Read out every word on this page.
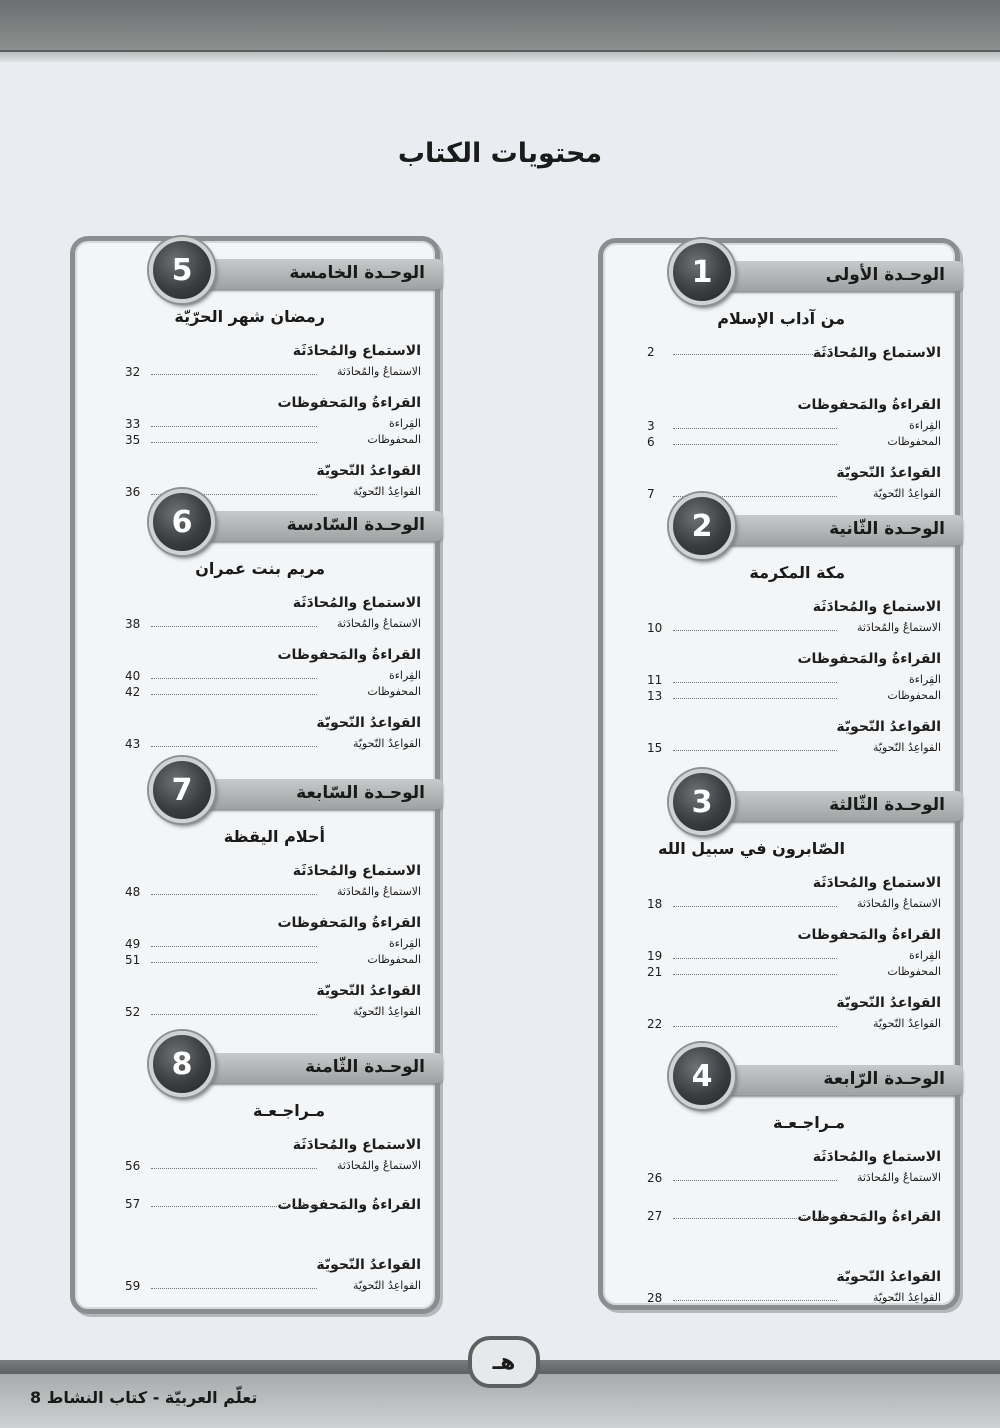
محتويات الكتاب
الوحـدة الأولى
1
من آداب الإسلام
الاستماع والمُحادَثَة
2
القراءةُ والمَحفوظات
القِراءة
3
المحفوظات
6
القواعدُ النّحويّة
القواعِدُ النّحويّة
7
الوحـدة الثّانية
2
مكة المكرمة
الاستماع والمُحادَثَة
الاستماعُ والمُحادَثة
10
القراءةُ والمَحفوظات
القِراءة
11
المحفوظات
13
القواعدُ النّحويّة
القواعِدُ النّحويّة
15
الوحـدة الثّالثة
3
الصّابرون في سبيل الله
الاستماع والمُحادَثَة
الاستماعُ والمُحادَثة
18
القراءةُ والمَحفوظات
القِراءة
19
المحفوظات
21
القواعدُ النّحويّة
القواعِدُ النّحويّة
22
الوحـدة الرّابعة
4
مـراجـعـة
الاستماع والمُحادَثَة
الاستماعُ والمُحادَثة
26
القراءةُ والمَحفوظات
27
القواعدُ النّحويّة
القواعِدُ النّحويّة
28
الوحـدة الخامسة
5
رمضان شهر الحرّيّة
الاستماع والمُحادَثَة
الاستماعُ والمُحادَثة
32
القراءةُ والمَحفوظات
القِراءة
33
المحفوظات
35
القواعدُ النّحويّة
القواعِدُ النّحويّة
36
الوحـدة السّادسة
6
مريم بنت عمران
الاستماع والمُحادَثَة
الاستماعُ والمُحادَثة
38
القراءةُ والمَحفوظات
القِراءة
40
المحفوظات
42
القواعدُ النّحويّة
القواعِدُ النّحويّة
43
الوحـدة السّابعة
7
أحلام اليقظة
الاستماع والمُحادَثَة
الاستماعُ والمُحادَثة
48
القراءةُ والمَحفوظات
القِراءة
49
المحفوظات
51
القواعدُ النّحويّة
القواعِدُ النّحويّة
52
الوحـدة الثّامنة
8
مـراجـعـة
الاستماع والمُحادَثَة
الاستماعُ والمُحادَثة
56
القراءةُ والمَحفوظات
57
القواعدُ النّحويّة
القواعِدُ النّحويّة
59
هـ
تعلّم العربيّة - كتاب النشاط 8
